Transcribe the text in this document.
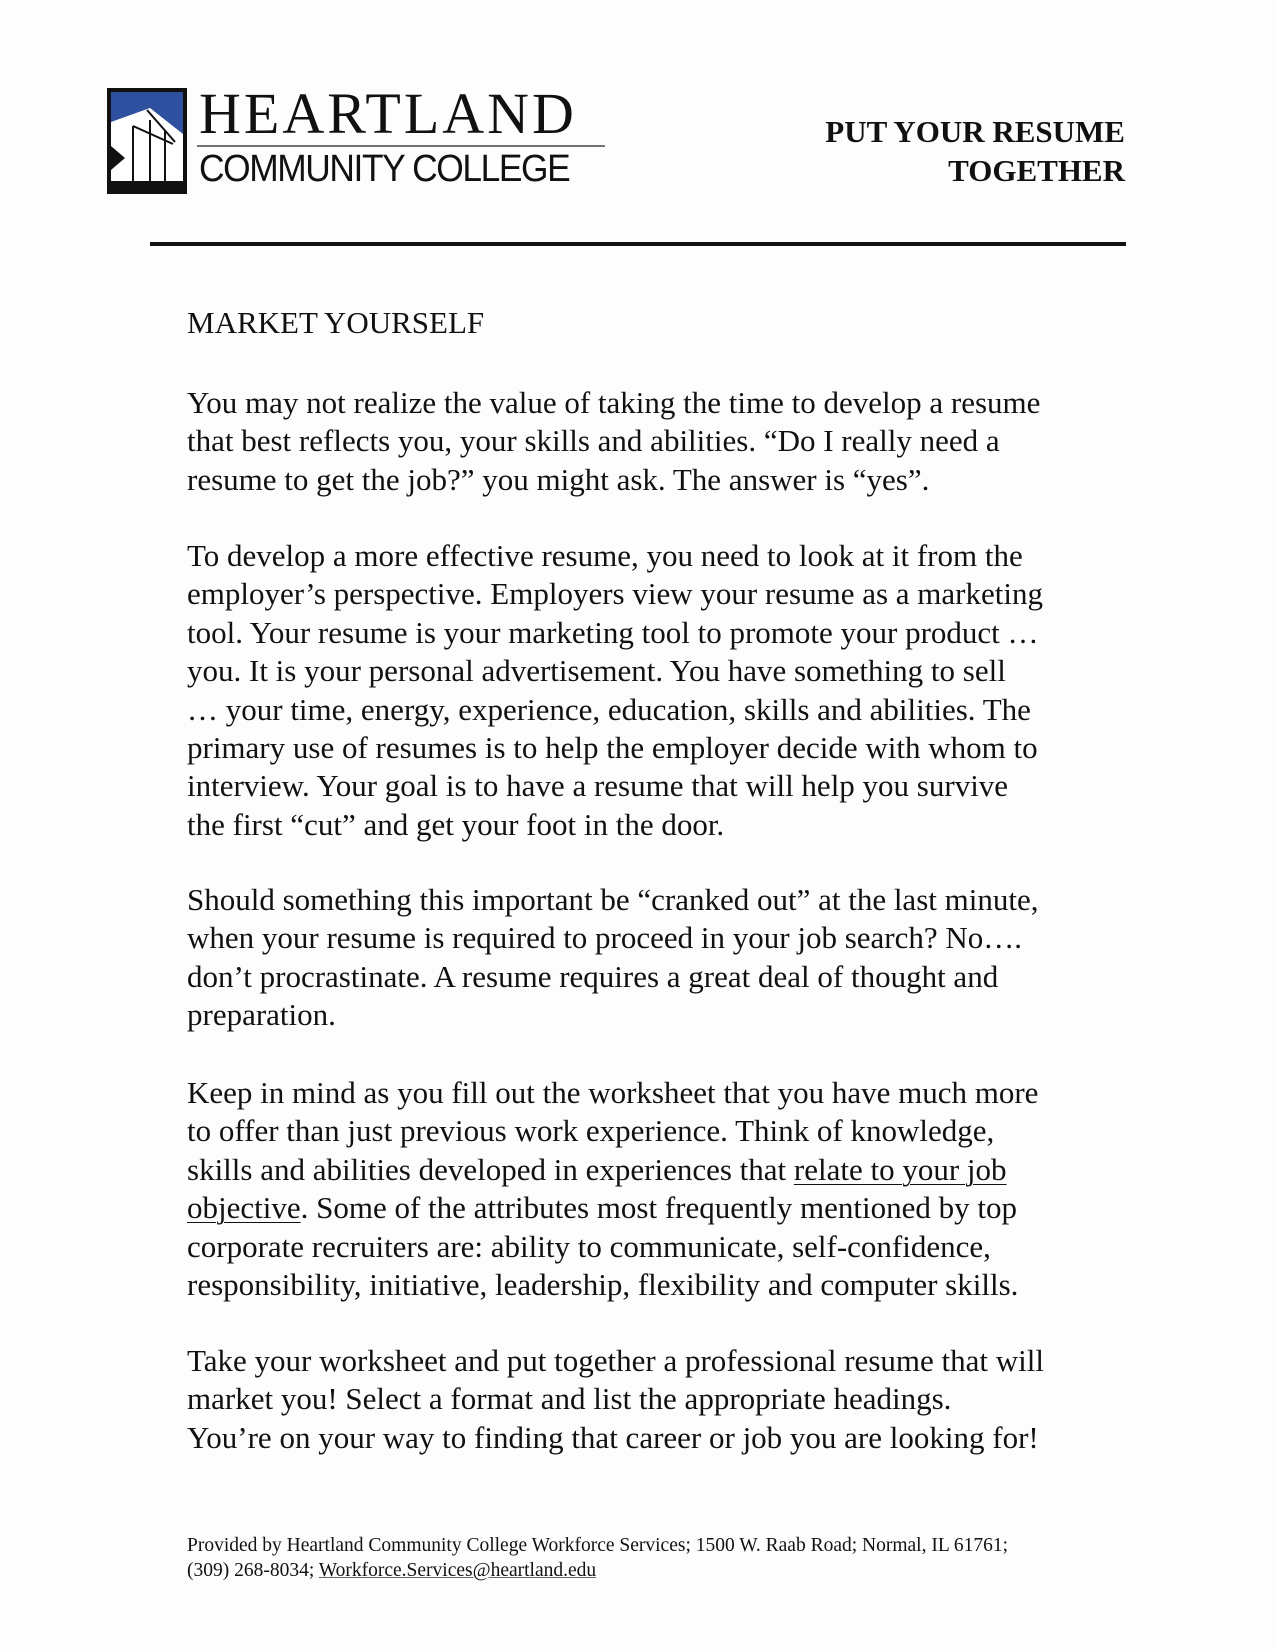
HEARTLAND
COMMUNITY COLLEGE
PUT YOUR RESUME
TOGETHER
MARKET YOURSELF
You may not realize the value of taking the time to develop a resume
that best reflects you, your skills and abilities. “Do I really need a
resume to get the job?” you might ask. The answer is “yes”.
To develop a more effective resume, you need to look at it from the
employer’s perspective. Employers view your resume as a marketing
tool. Your resume is your marketing tool to promote your product …
you. It is your personal advertisement. You have something to sell
… your time, energy, experience, education, skills and abilities. The
primary use of resumes is to help the employer decide with whom to
interview. Your goal is to have a resume that will help you survive
the first “cut” and get your foot in the door.
Should something this important be “cranked out” at the last minute,
when your resume is required to proceed in your job search? No….
don’t procrastinate. A resume requires a great deal of thought and
preparation.
Keep in mind as you fill out the worksheet that you have much more
to offer than just previous work experience. Think of knowledge,
skills and abilities developed in experiences that relate to your job
objective. Some of the attributes most frequently mentioned by top
corporate recruiters are: ability to communicate, self-confidence,
responsibility, initiative, leadership, flexibility and computer skills.
Take your worksheet and put together a professional resume that will
market you! Select a format and list the appropriate headings.
You’re on your way to finding that career or job you are looking for!
Provided by Heartland Community College Workforce Services; 1500 W. Raab Road; Normal, IL 61761;
(309) 268-8034; Workforce.Services@heartland.edu
